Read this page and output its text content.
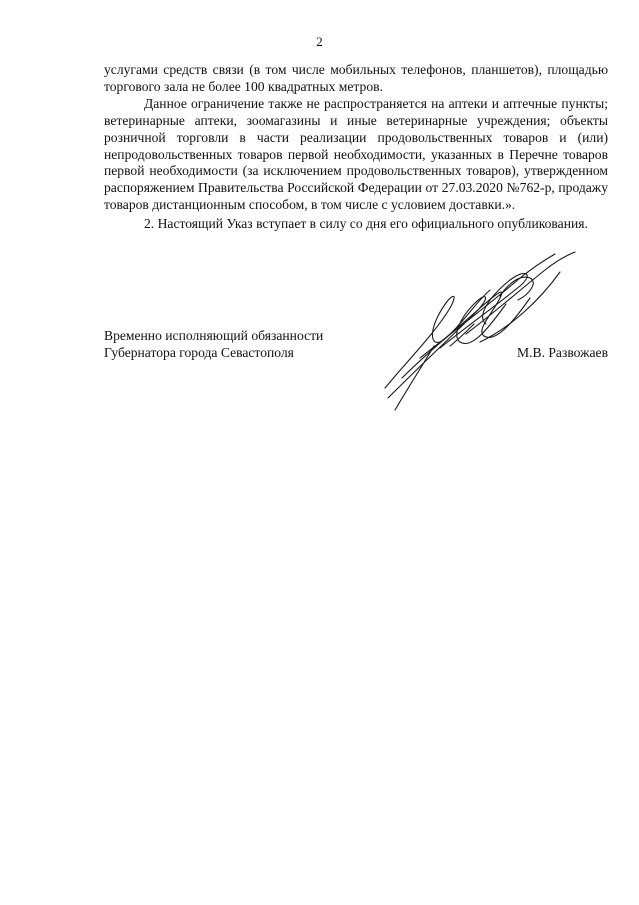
2

услугами средств связи (в том числе мобильных телефонов, планшетов), площадью торгового зала не более 100 квадратных метров.

Данное ограничение также не распространяется на аптеки и аптечные пункты; ветеринарные аптеки, зоомагазины и иные ветеринарные учреждения; объекты розничной торговли в части реализации продовольственных товаров и (или) непродовольственных товаров первой необходимости, указанных в Перечне товаров первой необходимости (за исключением продовольственных товаров), утвержденном распоряжением Правительства Российской Федерации от 27.03.2020 №762-р, продажу товаров дистанционным способом, в том числе с условием доставки.».

2. Настоящий Указ вступает в силу со дня его официального опубликования.

Временно исполняющий обязанности
Губернатора города Севастополя	М.В. Развожаев
